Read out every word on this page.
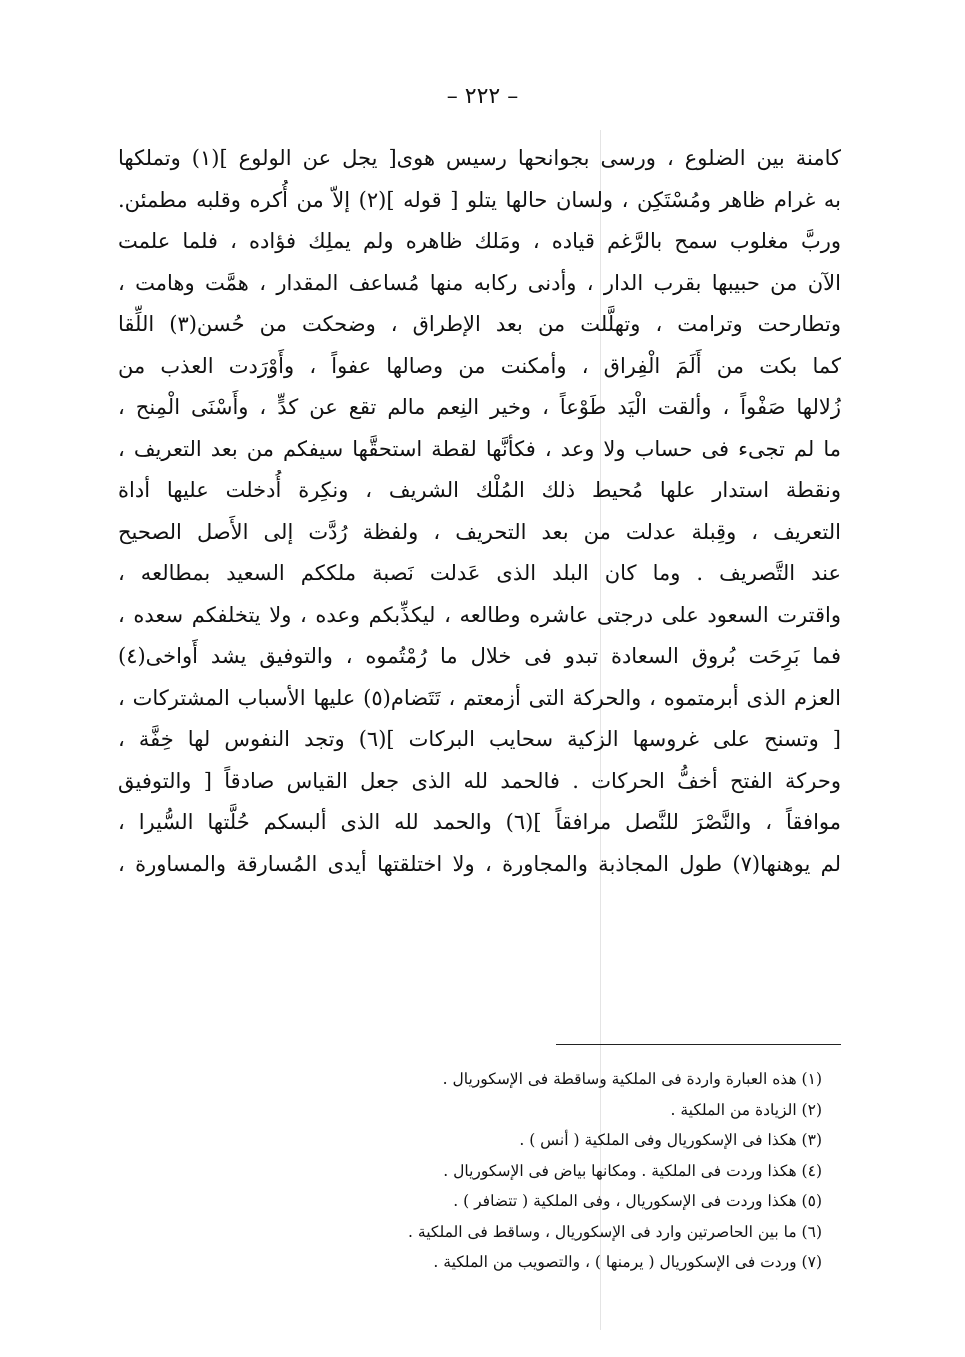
– ٢٢٢ –
كامنة بين الضلوع ، ورسى بجوانحها رسيس هوى[ يجل عن الولوع ](١) وتملكها
به غرام ظاهر ومُسْتَكِن ، ولسان حالها يتلو [ قوله ](٢) إلاّ من أُكره وقلبه مطمئن.
وربَّ مغلوب سمح بالرَّغم قياده ، ومَلك ظاهره ولم يملِك فؤاده ، فلما علمت
الآن من حبيبها بقرب الدار ، وأدنى ركابه منها مُساعف المقدار ، همَّت وهامت ،
وتطارحت وترامت ، وتهلَّلت من بعد الإطراق ، وضحكت من حُسن(٣) اللِّقا
كما بكت من أَلَمَ الْفِراق ، وأمكنت من وصالها عفواً ، وأَوْرَدت العذب من
زُلالها صَفْواً ، وألقت الْيَد طَوْعاً ، وخير النِعم مالم تقع عن كدٍّ ، وأَسْنَى الْمِنح ،
ما لم تجىء فى حساب ولا وعد ، فكأنَّها لقطة استحقَّها سيفكم من بعد التعريف ،
ونقطة استدار علها مُحيط ذلك المُلْك الشريف ، ونكِرة أُدخلت عليها أداة
التعريف ، وقِبلة عدلت من بعد التحريف ، ولفظة رُدَّت إلى الأَصل الصحيح
عند التَّصريف . وما كان البلد الذى عَدلت نَصبة ملككم السعيد بمطالعه ،
واقترت السعود على درجتى عاشره وطالعه ، ليكذِّبكم وعده ، ولا يتخلفكم سعده ،
فما بَرِحَت بُروق السعادة تبدو فى خلال ما رُمْتُموه ، والتوفيق يشد أَواخى(٤)
العزم الذى أبرمتموه ، والحركة التى أزمعتم ، تَتَضام(٥) عليها الأسباب المشتركات ،
[ وتسنح على غروسها الزكية سحايب البركات ](٦) وتجد النفوس لها خِفَّة ،
وحركة الفتح أخفُّ الحركات . فالحمد لله الذى جعل القياس صادقاً [ والتوفيق
موافقاً ، والنَّصْرَ للنَّصل مرافقاً ](٦) والحمد لله الذى ألبسكم حُلَّتها السُّيرا ،
لم يوهنها(٧) طول المجاذبة والمجاورة ، ولا اختلقتها أيدى المُسارقة والمساورة ،
(١) هذه العبارة واردة فى الملكية وساقطة فى الإسكوريال .
(٢) الزيادة من الملكية .
(٣) هكذا فى الإسكوريال وفى الملكية ( أنس ) .
(٤) هكذا وردت فى الملكية . ومكانها بياض فى الإسكوريال .
(٥) هكذا وردت فى الإسكوريال ، وفى الملكية ( تتضافر ) .
(٦) ما بين الحاصرتين وارد فى الإسكوريال ، وساقط فى الملكية .
(٧) وردت فى الإسكوريال ( يرمنها ) ، والتصويب من الملكية .
